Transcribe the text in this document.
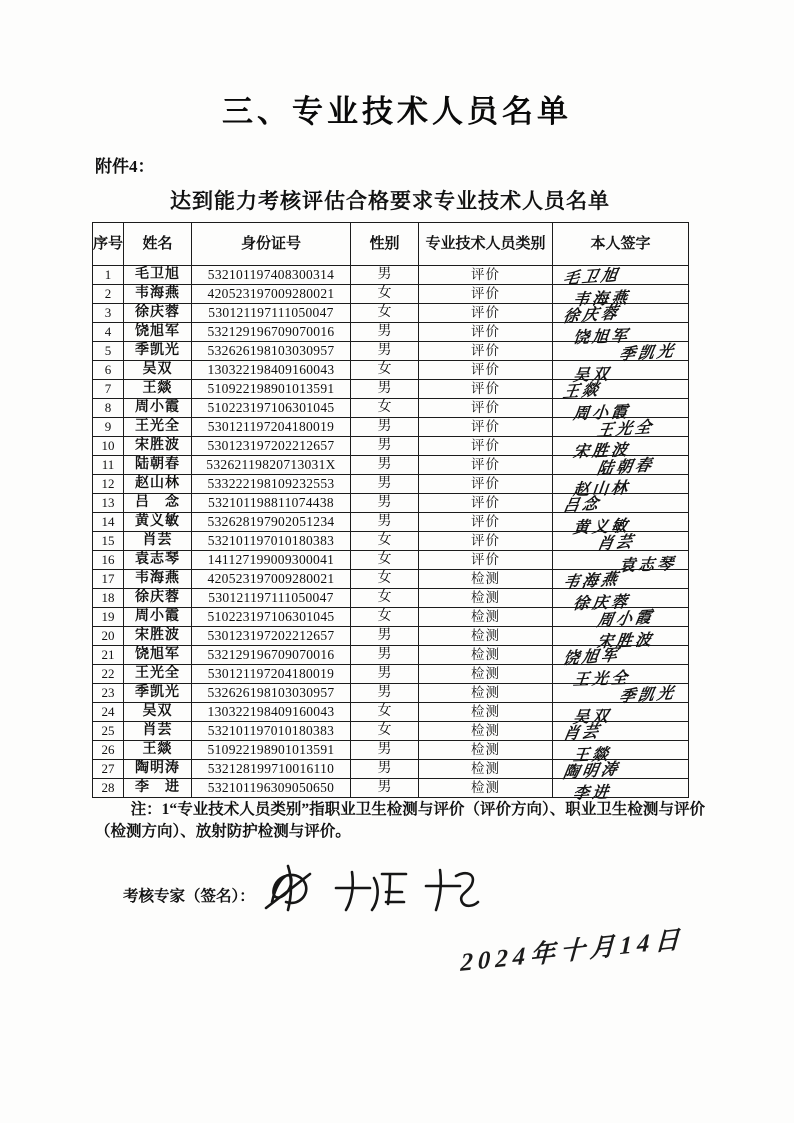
三、专业技术人员名单
附件4：
达到能力考核评估合格要求专业技术人员名单
序号	姓名	身份证号	性别	专业技术人员类别	本人签字
1	毛卫旭	532101197408300314	男	评价	毛卫旭
2	韦海燕	420523197009280021	女	评价	韦海燕
3	徐庆蓉	530121197111050047	女	评价	徐庆蓉
4	饶旭军	532129196709070016	男	评价	饶旭军
5	季凯光	532626198103030957	男	评价	季凯光
6	吴双	130322198409160043	女	评价	吴双
7	王燚	510922198901013591	男	评价	王燚
8	周小霞	510223197106301045	女	评价	周小霞
9	王光全	530121197204180019	男	评价	王光全
10	宋胜波	530123197202212657	男	评价	宋胜波
11	陆朝春	53262119820713031X	男	评价	陆朝春
12	赵山林	533222198109232553	男	评价	赵山林
13	吕　念	532101198811074438	男	评价	吕念
14	黄义敏	532628197902051234	男	评价	黄义敏
15	肖芸	532101197010180383	女	评价	肖芸
16	袁志琴	141127199009300041	女	评价	袁志琴
17	韦海燕	420523197009280021	女	检测	韦海燕
18	徐庆蓉	530121197111050047	女	检测	徐庆蓉
19	周小霞	510223197106301045	女	检测	周小霞
20	宋胜波	530123197202212657	男	检测	宋胜波
21	饶旭军	532129196709070016	男	检测	饶旭军
22	王光全	530121197204180019	男	检测	王光全
23	季凯光	532626198103030957	男	检测	季凯光
24	吴双	130322198409160043	女	检测	吴双
25	肖芸	532101197010180383	女	检测	肖芸
26	王燚	510922198901013591	男	检测	王燚
27	陶明涛	532128199710016110	男	检测	陶明涛
28	李　进	532101196309050650	男	检测	李进
注：1“专业技术人员类别”指职业卫生检测与评价（评价方向）、职业卫生检测与评价（检测方向）、放射防护检测与评价。
考核专家（签名）：
2024年十月14日
